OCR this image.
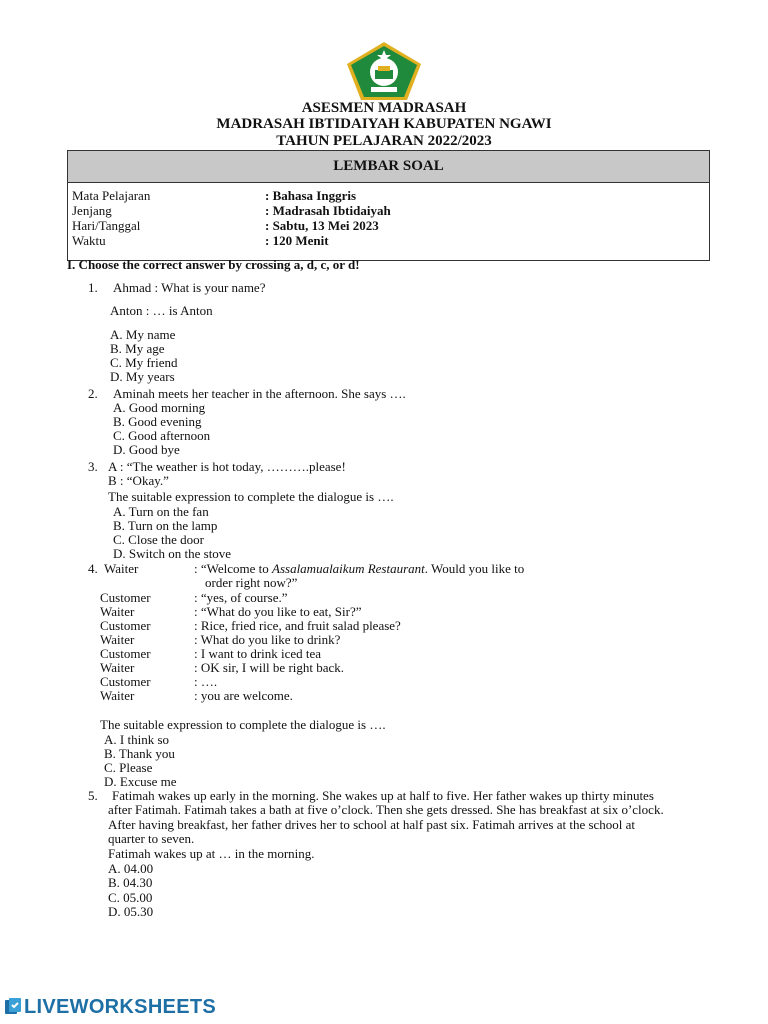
ASESMEN MADRASAH
MADRASAH IBTIDAIYAH KABUPATEN NGAWI
TAHUN PELAJARAN 2022/2023
LEMBAR SOAL
Mata Pelajaran	: Bahasa Inggris
Jenjang	: Madrasah Ibtidaiyah
Hari/Tanggal	: Sabtu, 13 Mei 2023
Waktu	: 120 Menit
I. Choose the correct answer by crossing a, d, c, or d!
1. Ahmad : What is your name?
Anton : … is Anton
A. My name
B. My age
C. My friend
D. My years
2. Aminah meets her teacher in the afternoon. She says ….
A. Good morning
B. Good evening
C. Good afternoon
D. Good bye
3. A : “The weather is hot today, ……….please!
B : “Okay.”
The suitable expression to complete the dialogue is ….
A. Turn on the fan
B. Turn on the lamp
C. Close the door
D. Switch on the stove
4. Waiter	: “Welcome to Assalamualaikum Restaurant. Would you like to
order right now?”
Customer	: “yes, of course.”
Waiter	: “What do you like to eat, Sir?”
Customer	: Rice, fried rice, and fruit salad please?
Waiter	: What do you like to drink?
Customer	: I want to drink iced tea
Waiter	: OK sir, I will be right back.
Customer	: ….
Waiter	: you are welcome.
The suitable expression to complete the dialogue is ….
A. I think so
B. Thank you
C. Please
D. Excuse me
5. Fatimah wakes up early in the morning. She wakes up at half to five. Her father wakes up thirty minutes
after Fatimah. Fatimah takes a bath at five o’clock. Then she gets dressed. She has breakfast at six o’clock.
After having breakfast, her father drives her to school at half past six. Fatimah arrives at the school at
quarter to seven.
Fatimah wakes up at … in the morning.
A. 04.00
B. 04.30
C. 05.00
D. 05.30
LIVEWORKSHEETS
